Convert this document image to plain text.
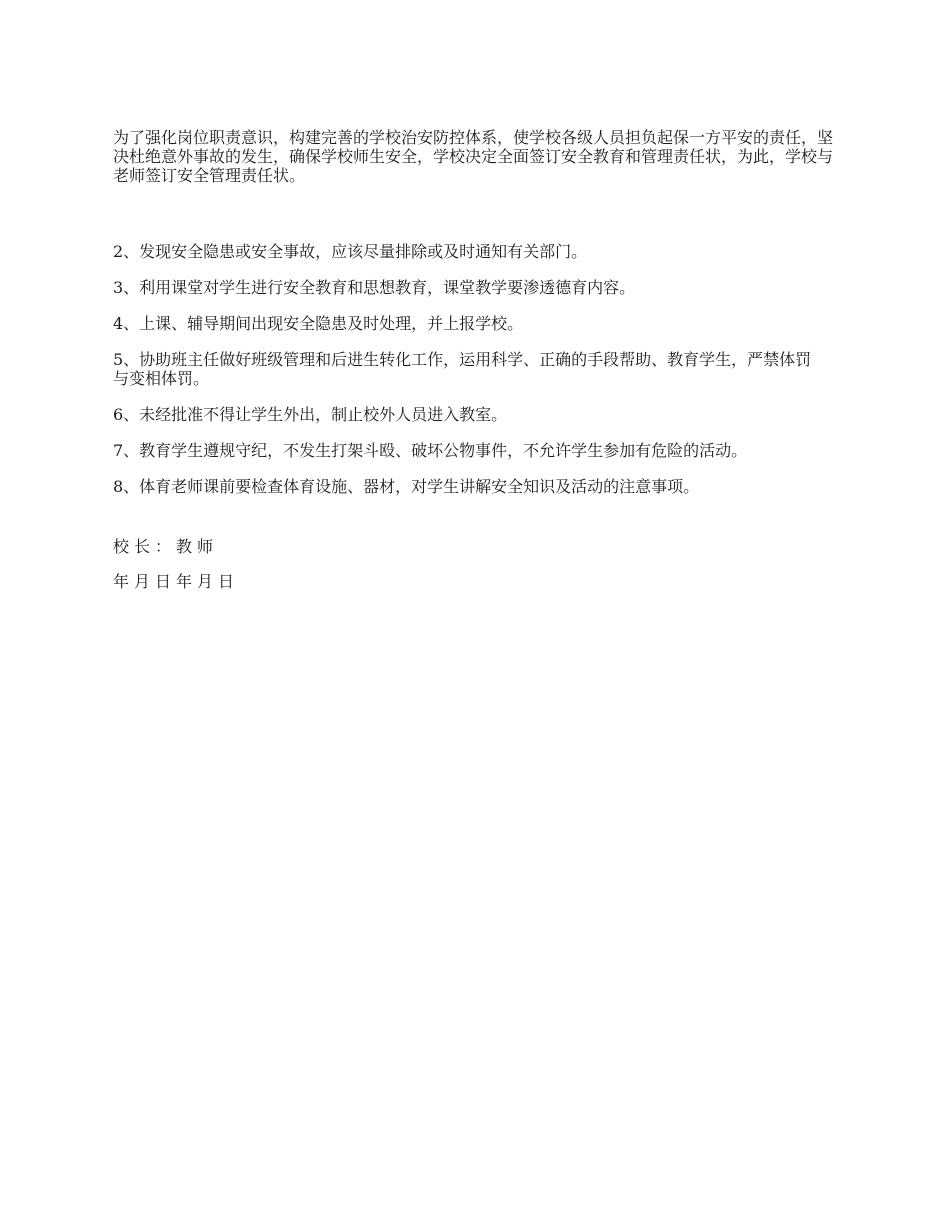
为了强化岗位职责意识，构建完善的学校治安防控体系，使学校各级人员担负起保一方平安的责任，坚决杜绝意外事故的发生，确保学校师生安全，学校决定全面签订安全教育和管理责任状，为此，学校与老师签订安全管理责任状。

2、发现安全隐患或安全事故，应该尽量排除或及时通知有关部门。

3、利用课堂对学生进行安全教育和思想教育，课堂教学要渗透德育内容。

4、上课、辅导期间出现安全隐患及时处理，并上报学校。

5、协助班主任做好班级管理和后进生转化工作，运用科学、正确的手段帮助、教育学生，严禁体罚与变相体罚。

6、未经批准不得让学生外出，制止校外人员进入教室。

7、教育学生遵规守纪，不发生打架斗殴、破坏公物事件，不允许学生参加有危险的活动。

8、体育老师课前要检查体育设施、器材，对学生讲解安全知识及活动的注意事项。

校长：教师
年月日年月日
